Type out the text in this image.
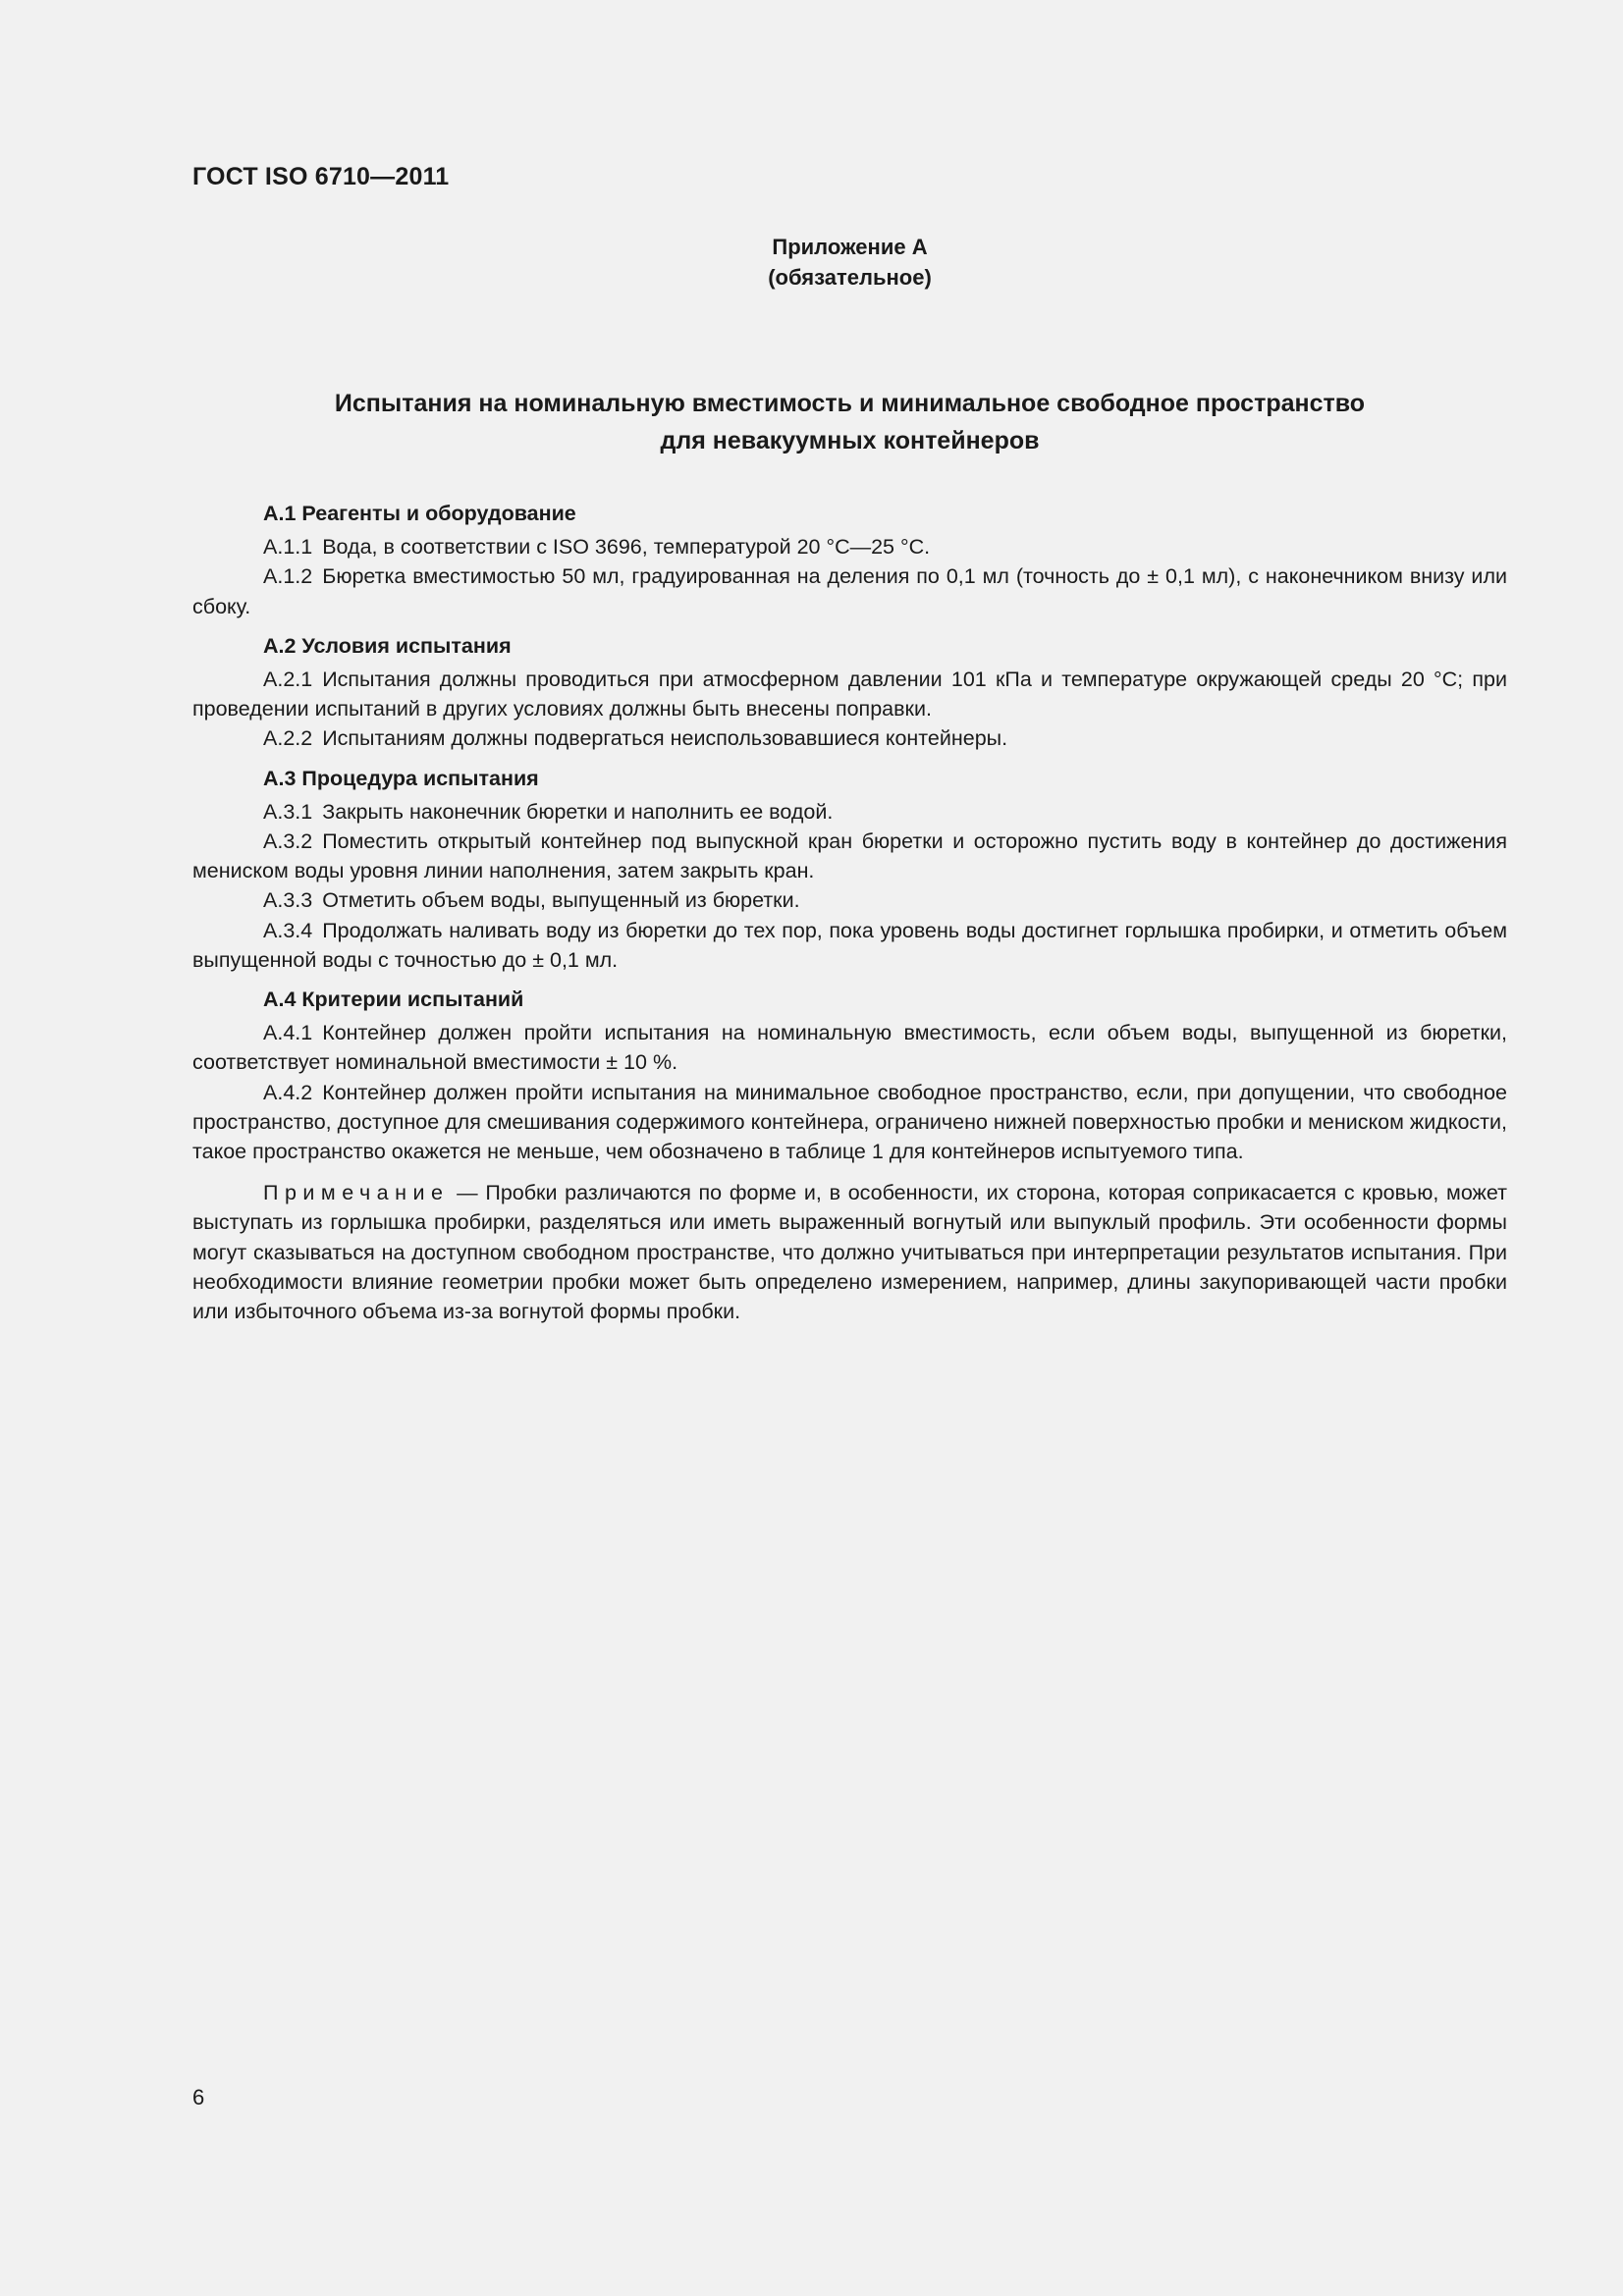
ГОСТ ISO 6710—2011
Приложение А
(обязательное)
Испытания на номинальную вместимость и минимальное свободное пространство
для невакуумных контейнеров

А.1 Реагенты и оборудование

А.1.1 Вода, в соответствии с ISO 3696, температурой 20 °С—25 °С.

А.1.2 Бюретка вместимостью 50 мл, градуированная на деления по 0,1 мл (точность до ± 0,1 мл), с наконечником внизу или сбоку.

А.2 Условия испытания

А.2.1 Испытания должны проводиться при атмосферном давлении 101 кПа и температуре окружающей среды 20 °С; при проведении испытаний в других условиях должны быть внесены поправки.

А.2.2 Испытаниям должны подвергаться неиспользовавшиеся контейнеры.

А.3 Процедура испытания

А.3.1 Закрыть наконечник бюретки и наполнить ее водой.

А.3.2 Поместить открытый контейнер под выпускной кран бюретки и осторожно пустить воду в контейнер до достижения мениском воды уровня линии наполнения, затем закрыть кран.

А.3.3 Отметить объем воды, выпущенный из бюретки.

А.3.4 Продолжать наливать воду из бюретки до тех пор, пока уровень воды достигнет горлышка пробирки, и отметить объем выпущенной воды с точностью до ± 0,1 мл.

А.4 Критерии испытаний

А.4.1 Контейнер должен пройти испытания на номинальную вместимость, если объем воды, выпущенной из бюретки, соответствует номинальной вместимости ± 10 %.

А.4.2 Контейнер должен пройти испытания на минимальное свободное пространство, если, при допущении, что свободное пространство, доступное для смешивания содержимого контейнера, ограничено нижней поверхностью пробки и мениском жидкости, такое пространство окажется не меньше, чем обозначено в таблице 1 для контейнеров испытуемого типа.

Примечание — Пробки различаются по форме и, в особенности, их сторона, которая соприкасается с кровью, может выступать из горлышка пробирки, разделяться или иметь выраженный вогнутый или выпуклый профиль. Эти особенности формы могут сказываться на доступном свободном пространстве, что должно учитываться при интерпретации результатов испытания. При необходимости влияние геометрии пробки может быть определено измерением, например, длины закупоривающей части пробки или избыточного объема из-за вогнутой формы пробки.

6
